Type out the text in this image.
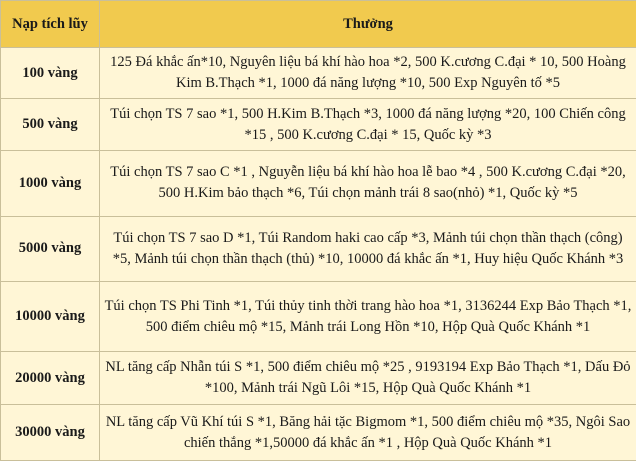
Nạp tích lũy	Thưởng
100 vàng	125 Đá khắc ấn*10, Nguyên liệu bá khí hào hoa *2, 500 K.cương C.đại * 10, 500 Hoàng Kim B.Thạch *1, 1000 đá năng lượng *10, 500 Exp Nguyên tố *5
500 vàng	Túi chọn TS 7 sao *1, 500 H.Kim B.Thạch *3, 1000 đá năng lượng *20, 100 Chiến công *15 , 500 K.cương C.đại * 15, Quốc kỳ *3
1000 vàng	Túi chọn TS 7 sao C *1 , Nguyễn liệu bá khí hào hoa lễ bao *4 , 500 K.cương C.đại *20, 500 H.Kim bảo thạch *6, Túi chọn mảnh trái 8 sao(nhỏ) *1, Quốc kỳ *5
5000 vàng	Túi chọn TS 7 sao D *1, Túi Random haki cao cấp *3, Mảnh túi chọn thần thạch (công) *5, Mảnh túi chọn thần thạch (thủ) *10, 10000 đá khắc ấn *1, Huy hiệu Quốc Khánh *3
10000 vàng	Túi chọn TS Phi Tinh *1, Túi thủy tinh thời trang hào hoa *1, 3136244 Exp Bảo Thạch *1, 500 điểm chiêu mộ *15, Mảnh trái Long Hồn *10, Hộp Quà Quốc Khánh *1
20000 vàng	NL tăng cấp Nhẫn túi S *1, 500 điểm chiêu mộ *25 , 9193194 Exp Bảo Thạch *1, Dấu Đỏ *100, Mảnh trái Ngũ Lôi *15, Hộp Quà Quốc Khánh *1
30000 vàng	NL tăng cấp Vũ Khí túi S *1, Băng hải tặc Bigmom *1, 500 điểm chiêu mộ *35, Ngôi Sao chiến thắng *1,50000 đá khắc ấn *1 , Hộp Quà Quốc Khánh *1
